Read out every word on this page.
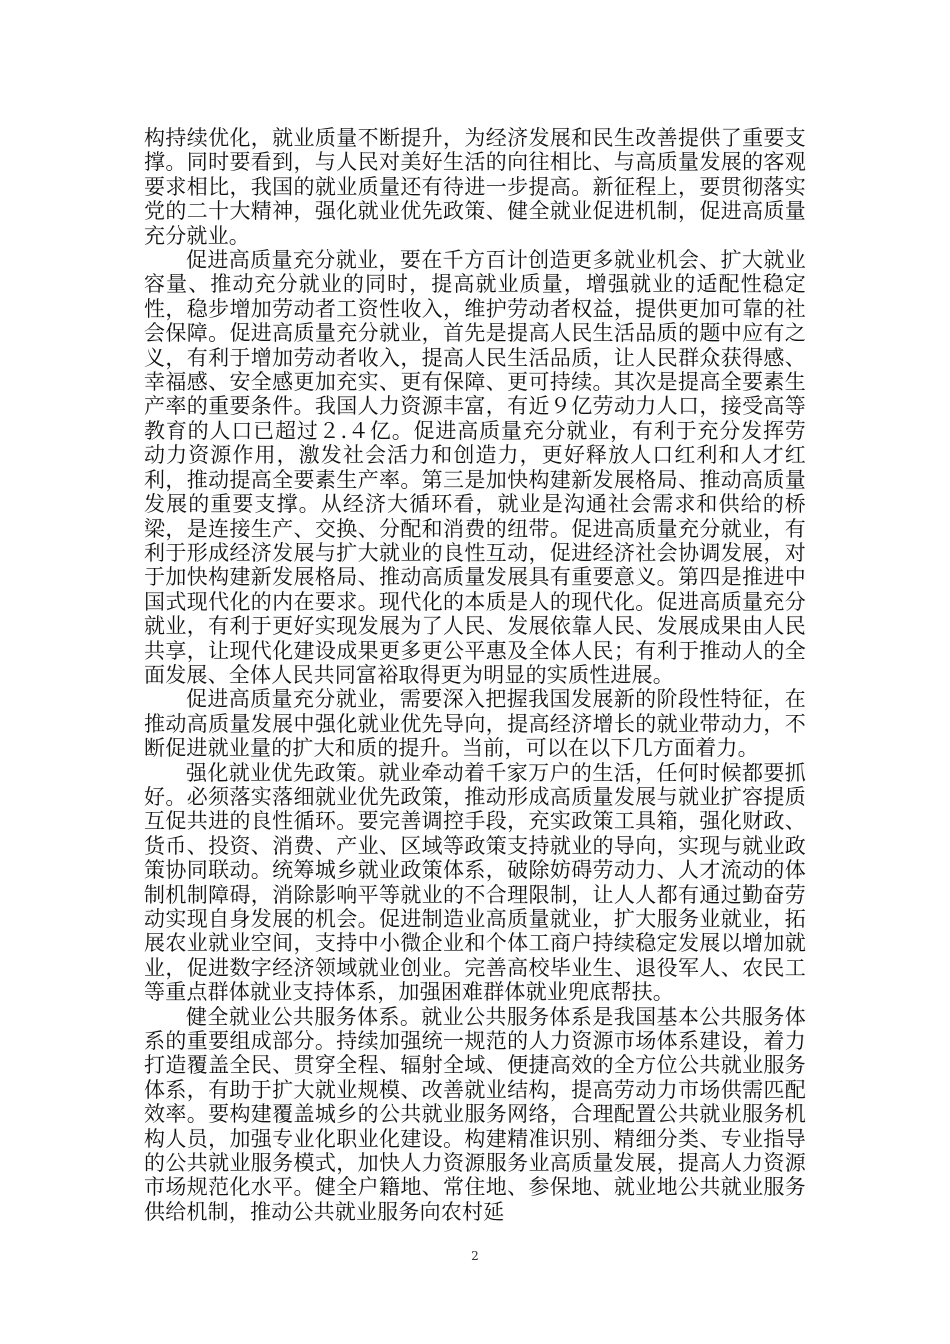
构持续优化，就业质量不断提升，为经济发展和民生改善提供了重要支撑。同时要看到，与人民对美好生活的向往相比、与高质量发展的客观要求相比，我国的就业质量还有待进一步提高。新征程上，要贯彻落实党的二十大精神，强化就业优先政策、健全就业促进机制，促进高质量充分就业。

促进高质量充分就业，要在千方百计创造更多就业机会、扩大就业容量、推动充分就业的同时，提高就业质量，增强就业的适配性稳定性，稳步增加劳动者工资性收入，维护劳动者权益，提供更加可靠的社会保障。促进高质量充分就业，首先是提高人民生活品质的题中应有之义，有利于增加劳动者收入，提高人民生活品质，让人民群众获得感、幸福感、安全感更加充实、更有保障、更可持续。其次是提高全要素生产率的重要条件。我国人力资源丰富，有近９亿劳动力人口，接受高等教育的人口已超过２.４亿。促进高质量充分就业，有利于充分发挥劳动力资源作用，激发社会活力和创造力，更好释放人口红利和人才红利，推动提高全要素生产率。第三是加快构建新发展格局、推动高质量发展的重要支撑。从经济大循环看，就业是沟通社会需求和供给的桥梁，是连接生产、交换、分配和消费的纽带。促进高质量充分就业，有利于形成经济发展与扩大就业的良性互动，促进经济社会协调发展，对于加快构建新发展格局、推动高质量发展具有重要意义。第四是推进中国式现代化的内在要求。现代化的本质是人的现代化。促进高质量充分就业，有利于更好实现发展为了人民、发展依靠人民、发展成果由人民共享，让现代化建设成果更多更公平惠及全体人民；有利于推动人的全面发展、全体人民共同富裕取得更为明显的实质性进展。

促进高质量充分就业，需要深入把握我国发展新的阶段性特征，在推动高质量发展中强化就业优先导向，提高经济增长的就业带动力，不断促进就业量的扩大和质的提升。当前，可以在以下几方面着力。

强化就业优先政策。就业牵动着千家万户的生活，任何时候都要抓好。必须落实落细就业优先政策，推动形成高质量发展与就业扩容提质互促共进的良性循环。要完善调控手段，充实政策工具箱，强化财政、货币、投资、消费、产业、区域等政策支持就业的导向，实现与就业政策协同联动。统筹城乡就业政策体系，破除妨碍劳动力、人才流动的体制机制障碍，消除影响平等就业的不合理限制，让人人都有通过勤奋劳动实现自身发展的机会。促进制造业高质量就业，扩大服务业就业，拓展农业就业空间，支持中小微企业和个体工商户持续稳定发展以增加就业，促进数字经济领域就业创业。完善高校毕业生、退役军人、农民工等重点群体就业支持体系，加强困难群体就业兜底帮扶。

健全就业公共服务体系。就业公共服务体系是我国基本公共服务体系的重要组成部分。持续加强统一规范的人力资源市场体系建设，着力打造覆盖全民、贯穿全程、辐射全域、便捷高效的全方位公共就业服务体系，有助于扩大就业规模、改善就业结构，提高劳动力市场供需匹配效率。要构建覆盖城乡的公共就业服务网络，合理配置公共就业服务机构人员，加强专业化职业化建设。构建精准识别、精细分类、专业指导的公共就业服务模式，加快人力资源服务业高质量发展，提高人力资源市场规范化水平。健全户籍地、常住地、参保地、就业地公共就业服务供给机制，推动公共就业服务向农村延

2
